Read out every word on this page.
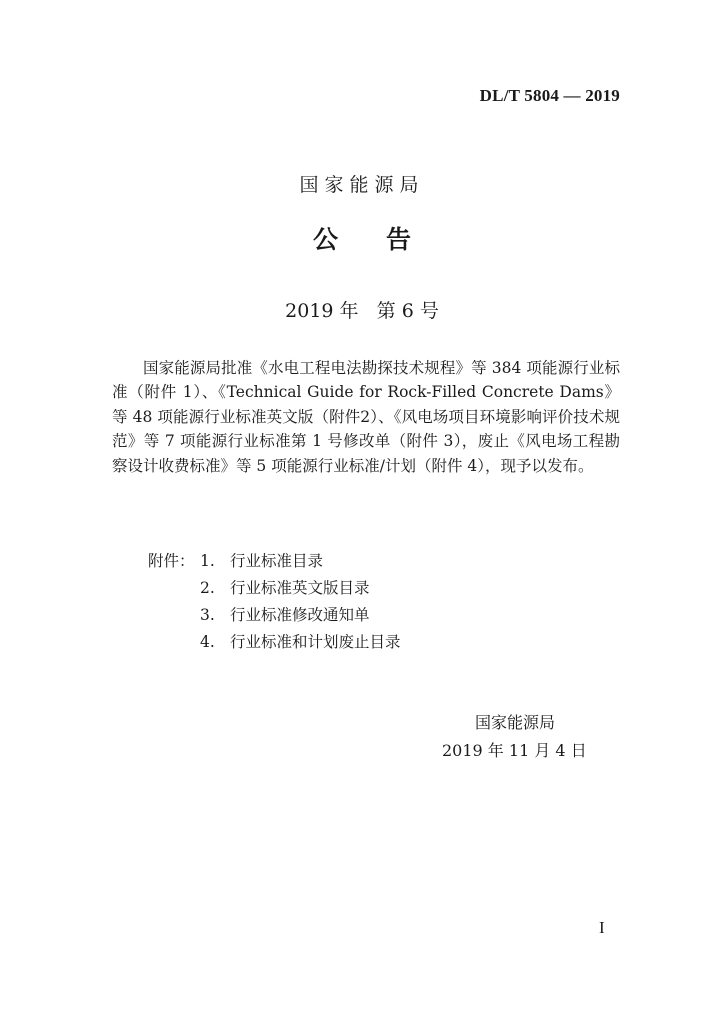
DL/T 5804 — 2019
国家能源局
公告
2019 年   第 6 号

国家能源局批准《水电工程电法勘探技术规程》等 384 项能源行业标准（附件 1）、《Technical Guide for Rock-Filled Concrete Dams》等 48 项能源行业标准英文版（附件2）、《风电场项目环境影响评价技术规范》等 7 项能源行业标准第 1 号修改单（附件 3），废止《风电场工程勘察设计收费标准》等 5 项能源行业标准/计划（附件 4），现予以发布。

附件： 1. 行业标准目录
2. 行业标准英文版目录
3. 行业标准修改通知单
4. 行业标准和计划废止目录
国家能源局
2019 年 11 月 4 日
I
